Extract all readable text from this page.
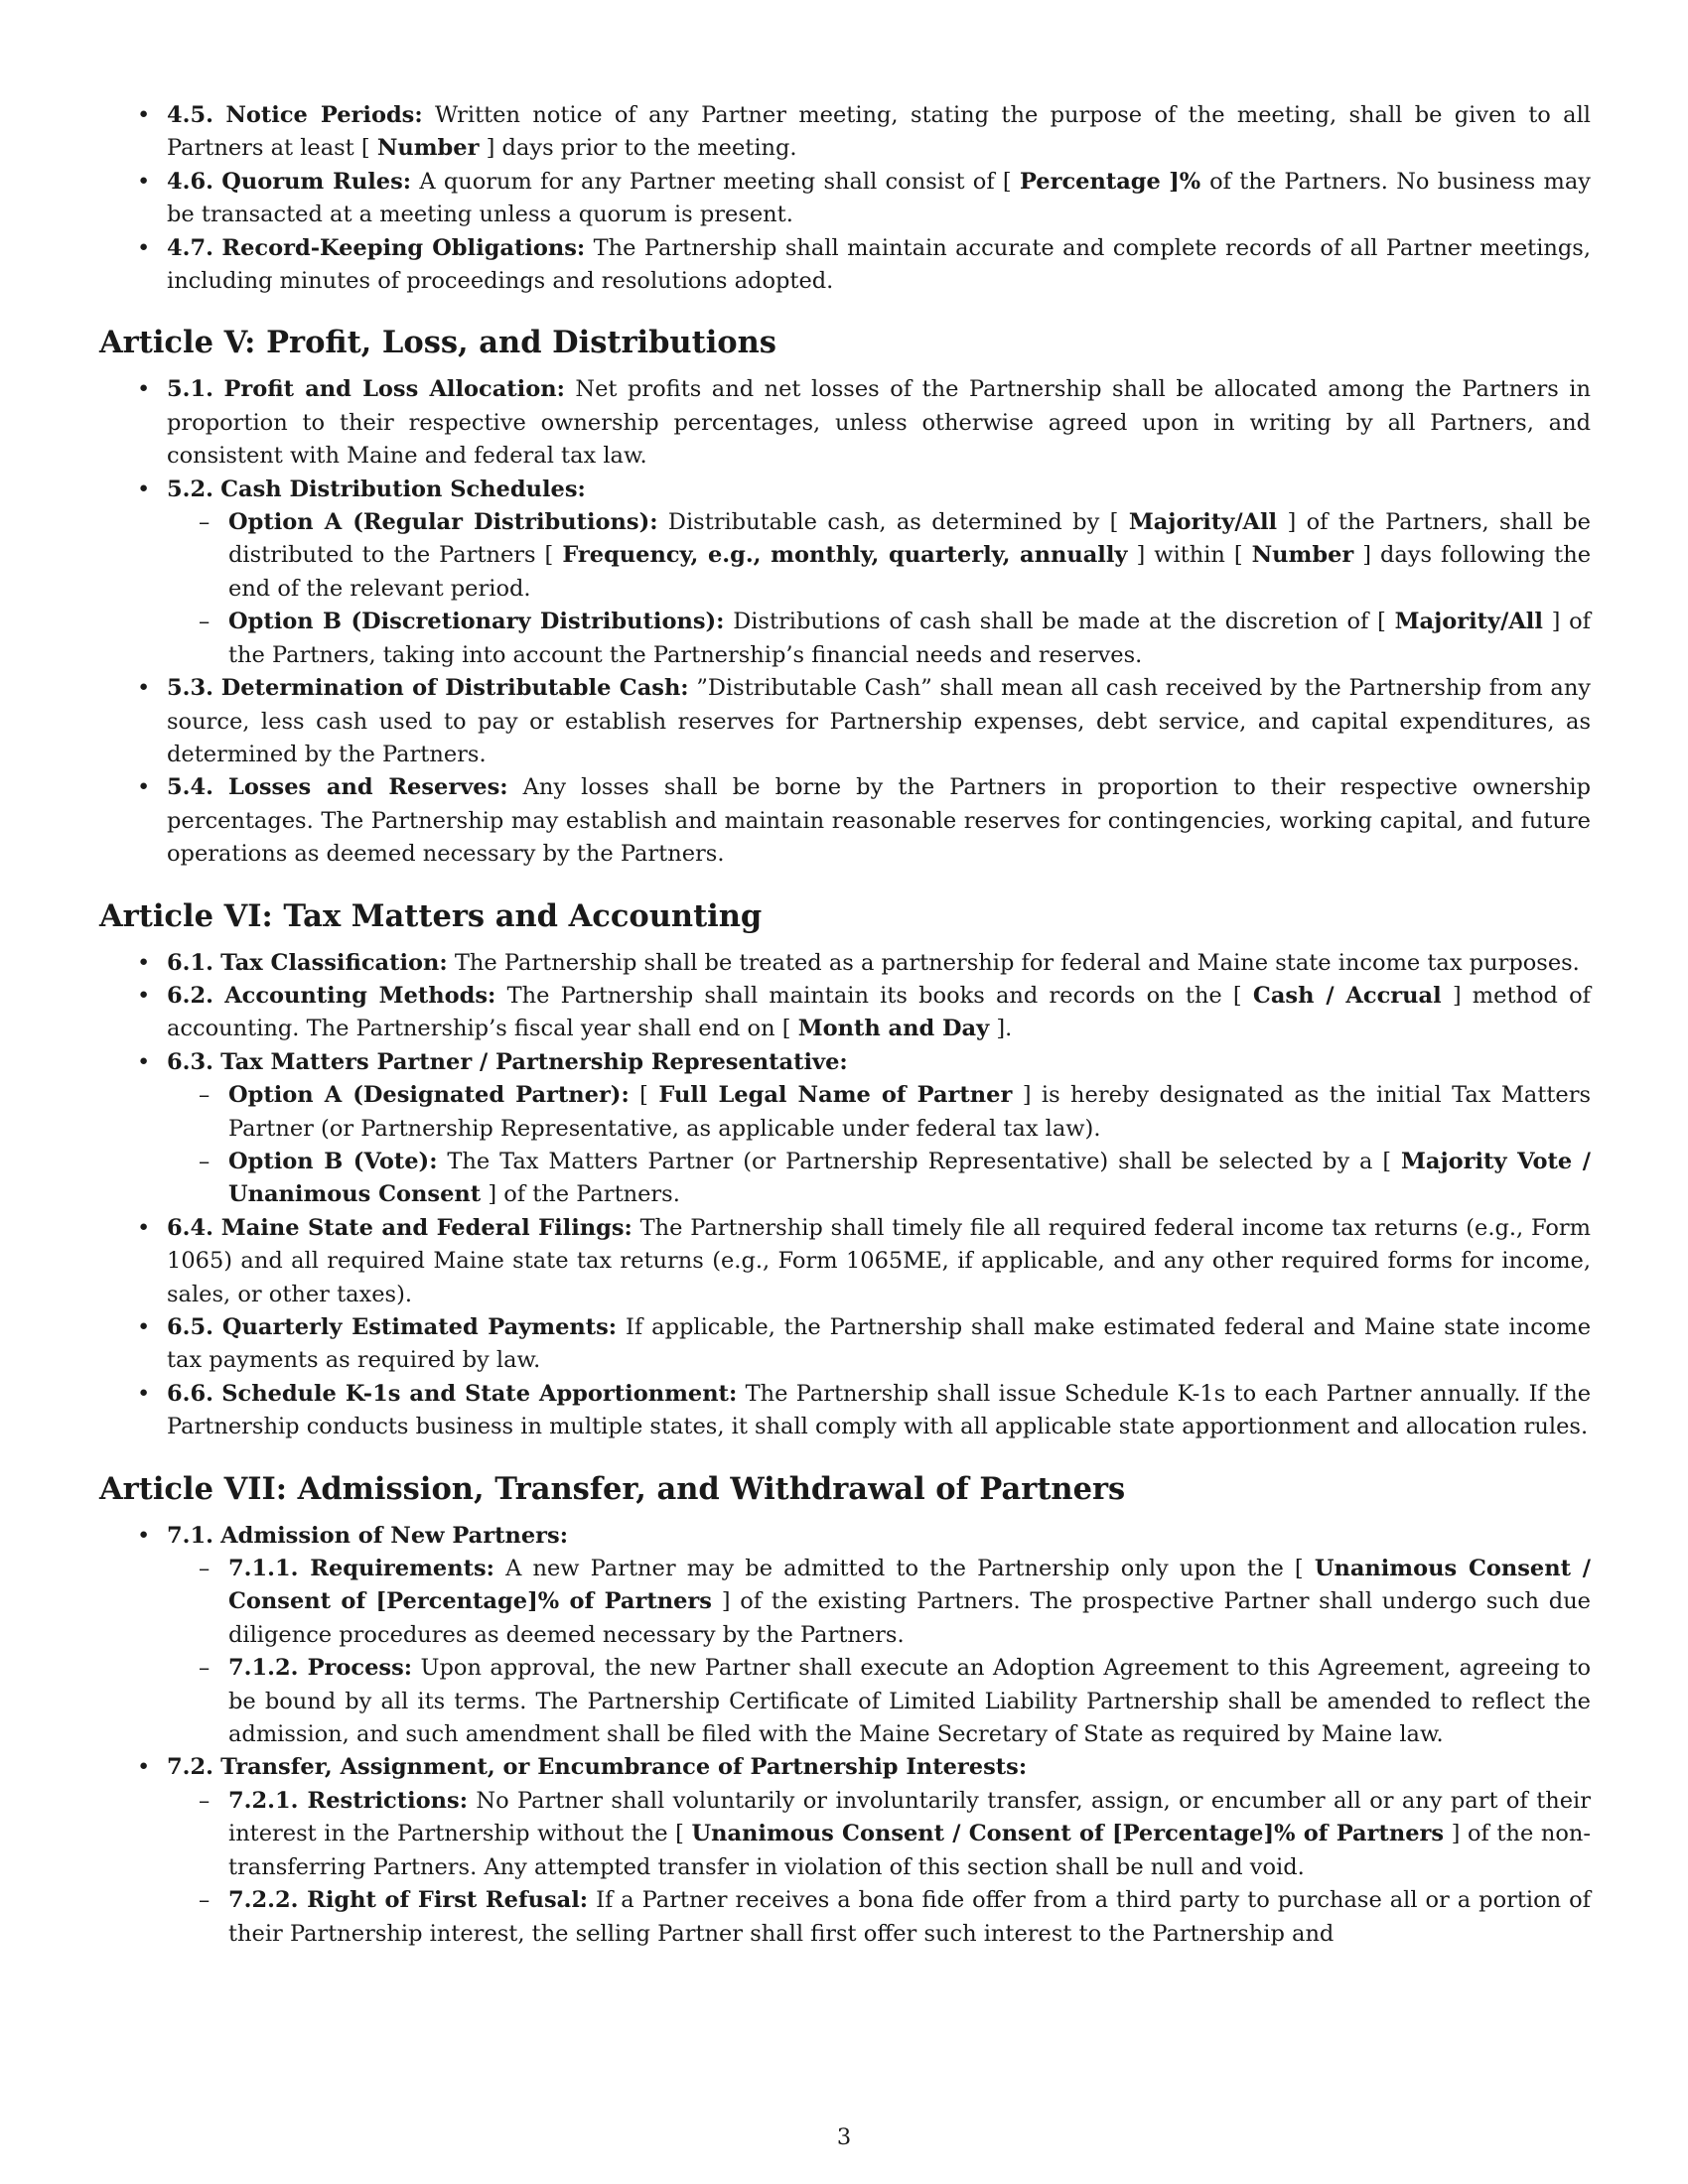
• 4.5. Notice Periods: Written notice of any Partner meeting, stating the purpose of the meeting, shall be given to all Partners at least [ Number ] days prior to the meeting.
• 4.6. Quorum Rules: A quorum for any Partner meeting shall consist of [ Percentage ]% of the Partners. No business may be transacted at a meeting unless a quorum is present.
• 4.7. Record-Keeping Obligations: The Partnership shall maintain accurate and complete records of all Partner meetings, including minutes of proceedings and resolutions adopted.
Article V: Profit, Loss, and Distributions
• 5.1. Profit and Loss Allocation: Net profits and net losses of the Partnership shall be allocated among the Partners in proportion to their respective ownership percentages, unless otherwise agreed upon in writing by all Partners, and consistent with Maine and federal tax law.
• 5.2. Cash Distribution Schedules:
– Option A (Regular Distributions): Distributable cash, as determined by [ Majority/All ] of the Partners, shall be distributed to the Partners [ Frequency, e.g., monthly, quarterly, annually ] within [ Number ] days following the end of the relevant period.
– Option B (Discretionary Distributions): Distributions of cash shall be made at the discretion of [ Majority/All ] of the Partners, taking into account the Partnership’s financial needs and reserves.
• 5.3. Determination of Distributable Cash: ”Distributable Cash” shall mean all cash received by the Partnership from any source, less cash used to pay or establish reserves for Partnership expenses, debt service, and capital expenditures, as determined by the Partners.
• 5.4. Losses and Reserves: Any losses shall be borne by the Partners in proportion to their respective ownership percentages. The Partnership may establish and maintain reasonable reserves for contingencies, working capital, and future operations as deemed necessary by the Partners.
Article VI: Tax Matters and Accounting
• 6.1. Tax Classification: The Partnership shall be treated as a partnership for federal and Maine state income tax purposes.
• 6.2. Accounting Methods: The Partnership shall maintain its books and records on the [ Cash / Accrual ] method of accounting. The Partnership’s fiscal year shall end on [ Month and Day ].
• 6.3. Tax Matters Partner / Partnership Representative:
– Option A (Designated Partner): [ Full Legal Name of Partner ] is hereby designated as the initial Tax Matters Partner (or Partnership Representative, as applicable under federal tax law).
– Option B (Vote): The Tax Matters Partner (or Partnership Representative) shall be selected by a [ Majority Vote / Unanimous Consent ] of the Partners.
• 6.4. Maine State and Federal Filings: The Partnership shall timely file all required federal income tax returns (e.g., Form 1065) and all required Maine state tax returns (e.g., Form 1065ME, if applicable, and any other required forms for income, sales, or other taxes).
• 6.5. Quarterly Estimated Payments: If applicable, the Partnership shall make estimated federal and Maine state income tax payments as required by law.
• 6.6. Schedule K-1s and State Apportionment: The Partnership shall issue Schedule K-1s to each Partner annually. If the Partnership conducts business in multiple states, it shall comply with all applicable state apportionment and allocation rules.
Article VII: Admission, Transfer, and Withdrawal of Partners
• 7.1. Admission of New Partners:
– 7.1.1. Requirements: A new Partner may be admitted to the Partnership only upon the [ Unanimous Consent / Consent of [Percentage]% of Partners ] of the existing Partners. The prospective Partner shall undergo such due diligence procedures as deemed necessary by the Partners.
– 7.1.2. Process: Upon approval, the new Partner shall execute an Adoption Agreement to this Agreement, agreeing to be bound by all its terms. The Partnership Certificate of Limited Liability Partnership shall be amended to reflect the admission, and such amendment shall be filed with the Maine Secretary of State as required by Maine law.
• 7.2. Transfer, Assignment, or Encumbrance of Partnership Interests:
– 7.2.1. Restrictions: No Partner shall voluntarily or involuntarily transfer, assign, or encumber all or any part of their interest in the Partnership without the [ Unanimous Consent / Consent of [Percentage]% of Partners ] of the non-transferring Partners. Any attempted transfer in violation of this section shall be null and void.
– 7.2.2. Right of First Refusal: If a Partner receives a bona fide offer from a third party to purchase all or a portion of their Partnership interest, the selling Partner shall first offer such interest to the Partnership and
3
